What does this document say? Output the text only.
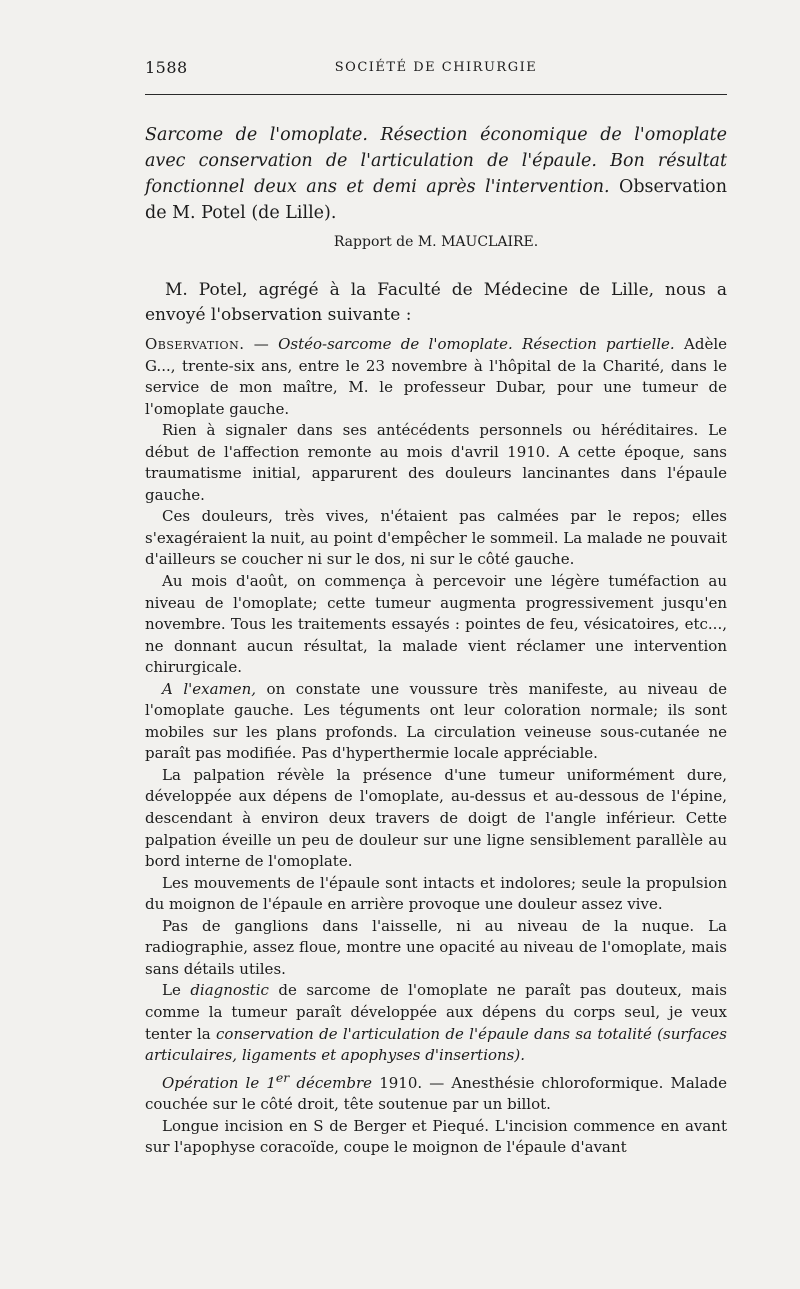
1588	SOCIÉTÉ DE CHIRURGIE
Sarcome de l'omoplate. Résection économique de l'omoplate avec conservation de l'articulation de l'épaule. Bon résultat fonctionnel deux ans et demi après l'intervention. Observation de M. Potel (de Lille).
Rapport de M. MAUCLAIRE.
M. Potel, agrégé à la Faculté de Médecine de Lille, nous a envoyé l'observation suivante :

Observation. — Ostéo-sarcome de l'omoplate. Résection partielle. Adèle G..., trente-six ans, entre le 23 novembre à l'hôpital de la Charité, dans le service de mon maître, M. le professeur Dubar, pour une tumeur de l'omoplate gauche.

Rien à signaler dans ses antécédents personnels ou héréditaires. Le début de l'affection remonte au mois d'avril 1910. A cette époque, sans traumatisme initial, apparurent des douleurs lancinantes dans l'épaule gauche.

Ces douleurs, très vives, n'étaient pas calmées par le repos; elles s'exagéraient la nuit, au point d'empêcher le sommeil. La malade ne pouvait d'ailleurs se coucher ni sur le dos, ni sur le côté gauche.

Au mois d'août, on commença à percevoir une légère tuméfaction au niveau de l'omoplate; cette tumeur augmenta progressivement jusqu'en novembre. Tous les traitements essayés : pointes de feu, vésicatoires, etc..., ne donnant aucun résultat, la malade vient réclamer une intervention chirurgicale.

A l'examen, on constate une voussure très manifeste, au niveau de l'omoplate gauche. Les téguments ont leur coloration normale; ils sont mobiles sur les plans profonds. La circulation veineuse sous-cutanée ne paraît pas modifiée. Pas d'hyperthermie locale appréciable.

La palpation révèle la présence d'une tumeur uniformément dure, développée aux dépens de l'omoplate, au-dessus et au-dessous de l'épine, descendant à environ deux travers de doigt de l'angle inférieur. Cette palpation éveille un peu de douleur sur une ligne sensiblement parallèle au bord interne de l'omoplate.

Les mouvements de l'épaule sont intacts et indolores; seule la propulsion du moignon de l'épaule en arrière provoque une douleur assez vive.

Pas de ganglions dans l'aisselle, ni au niveau de la nuque. La radiographie, assez floue, montre une opacité au niveau de l'omoplate, mais sans détails utiles.

Le diagnostic de sarcome de l'omoplate ne paraît pas douteux, mais comme la tumeur paraît développée aux dépens du corps seul, je veux tenter la conservation de l'articulation de l'épaule dans sa totalité (surfaces articulaires, ligaments et apophyses d'insertions).

Opération le 1er décembre 1910. — Anesthésie chloroformique. Malade couchée sur le côté droit, tête soutenue par un billot.

Longue incision en S de Berger et Piequé. L'incision commence en avant sur l'apophyse coracoïde, coupe le moignon de l'épaule d'avant
